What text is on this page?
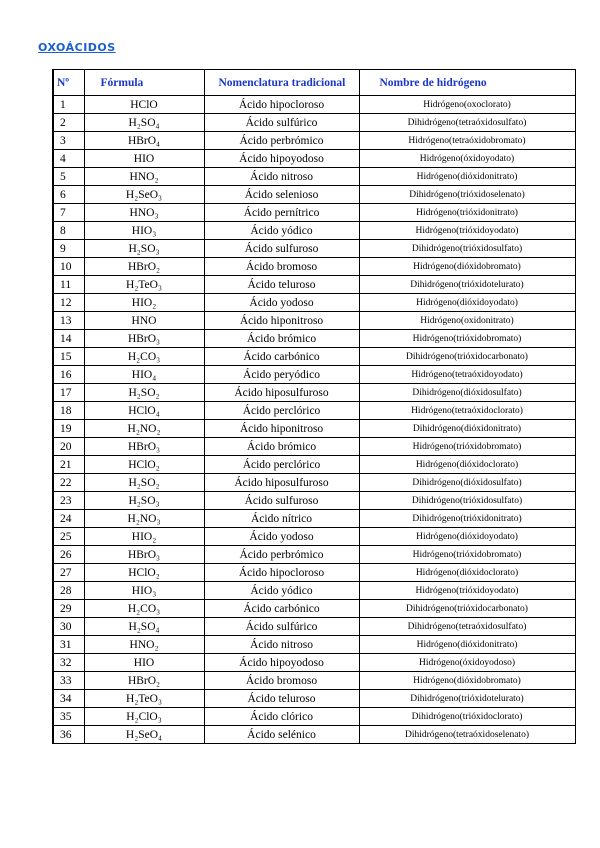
OXOÁCIDOS
Nº	Fórmula	Nomenclatura tradicional	Nombre de hidrógeno
1	HClO	Ácido hipocloroso	Hidrógeno(oxoclorato)
2	H₂SO₄	Ácido sulfúrico	Dihidrógeno(tetraóxidosulfato)
3	HBrO₄	Ácido perbrómico	Hidrógeno(tetraóxidobromato)
4	HIO	Ácido hipoyodoso	Hidrógeno(óxidoyodato)
5	HNO₂	Ácido nitroso	Hidrógeno(dióxidonitrato)
6	H₂SeO₃	Ácido selenioso	Dihidrógeno(trióxidoselenato)
7	HNO₃	Ácido pernítrico	Hidrógeno(trióxidonitrato)
8	HIO₃	Ácido yódico	Hidrógeno(trióxidoyodato)
9	H₂SO₃	Ácido sulfuroso	Dihidrógeno(trióxidosulfato)
10	HBrO₂	Ácido bromoso	Hidrógeno(dióxidobromato)
11	H₂TeO₃	Ácido teluroso	Dihidrógeno(trióxidotelurato)
12	HIO₂	Ácido yodoso	Hidrógeno(dióxidoyodato)
13	HNO	Ácido hiponitroso	Hidrógeno(oxidonitrato)
14	HBrO₃	Ácido brómico	Hidrógeno(trióxidobromato)
15	H₂CO₃	Ácido carbónico	Dihidrógeno(trióxidocarbonato)
16	HIO₄	Ácido peryódico	Hidrógeno(tetraóxidoyodato)
17	H₂SO₂	Ácido hiposulfuroso	Dihidrógeno(dióxidosulfato)
18	HClO₄	Ácido perclórico	Hidrógeno(tetraóxidoclorato)
19	H₂NO₂	Ácido hiponitroso	Dihidrógeno(dióxidonitrato)
20	HBrO₃	Ácido brómico	Hidrógeno(trióxidobromato)
21	HClO₂	Ácido perclórico	Hidrógeno(dióxidoclorato)
22	H₂SO₂	Ácido hiposulfuroso	Dihidrógeno(dióxidosulfato)
23	H₂SO₃	Ácido sulfuroso	Dihidrógeno(trióxidosulfato)
24	H₂NO₃	Ácido nítrico	Dihidrógeno(trióxidonitrato)
25	HIO₂	Ácido yodoso	Hidrógeno(dióxidoyodato)
26	HBrO₃	Ácido perbrómico	Hidrógeno(trióxidobromato)
27	HClO₂	Ácido hipocloroso	Hidrógeno(dióxidoclorato)
28	HIO₃	Ácido yódico	Hidrógeno(trióxidoyodato)
29	H₂CO₃	Ácido carbónico	Dihidrógeno(trióxidocarbonato)
30	H₂SO₄	Ácido sulfúrico	Dihidrógeno(tetraóxidosulfato)
31	HNO₂	Ácido nitroso	Hidrógeno(dióxidonitrato)
32	HIO	Ácido hipoyodoso	Hidrógeno(óxidoyodoso)
33	HBrO₂	Ácido bromoso	Hidrógeno(dióxidobromato)
34	H₂TeO₃	Ácido teluroso	Dihidrógeno(trióxidotelurato)
35	H₂ClO₃	Ácido clórico	Dihidrógeno(trióxidoclorato)
36	H₂SeO₄	Ácido selénico	Dihidrógeno(tetraóxidoselenato)
